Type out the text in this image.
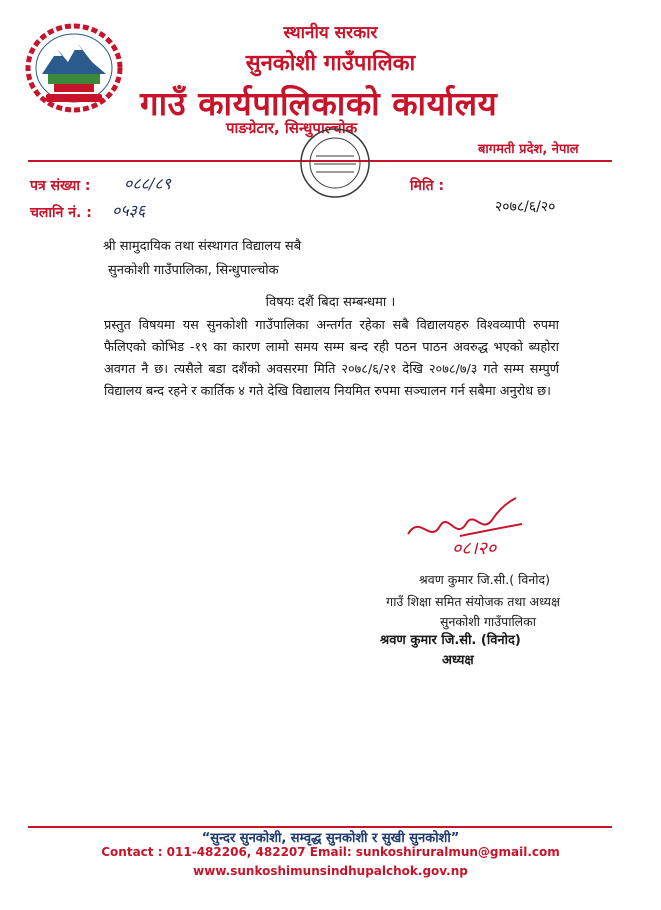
स्थानीय सरकार
सुनकोशी गाउँपालिका
गाउँ कार्यपालिकाको कार्यालय
पाङग्रेटार, सिन्धुपाल्चोक
बागमती प्रदेश, नेपाल
पत्र संख्या : ०८८/८९
चलानि नं. : ०५३६
मिति :
२०७८/६/२०
श्री सामुदायिक तथा संस्थागत विद्यालय सबै
सुनकोशी गाउँपालिका, सिन्धुपाल्चोक
विषयः दशैं बिदा सम्बन्धमा ।
प्रस्तुत विषयमा यस सुनकोशी गाउँपालिका अन्तर्गत रहेका सबै विद्यालयहरु विश्वव्यापी रुपमा फैलिएको कोभिड -१९ का कारण लामो समय सम्म बन्द रही पठन पाठन अवरुद्ध भएको ब्यहोरा अवगत नै छ। त्यसैले बडा दशैंको अवसरमा मिति २०७८/६/२१ देखि २०७८/७/३ गते सम्म सम्पुर्ण विद्यालय बन्द रहने र कार्तिक ४ गते देखि विद्यालय नियमित रुपमा सञ्चालन गर्न सबैमा अनुरोध छ।
०८।२०
श्रवण कुमार जि.सी.( विनोद)
गाउँ शिक्षा समित संयोजक तथा अध्यक्ष
सुनकोशी गाउँपालिका
श्रवण कुमार जि.सी. (विनोद)
अध्यक्ष
“सुन्दर सुनकोशी, सम्वृद्ध सुनकोशी र सुखी सुनकोशी”
Contact : 011-482206, 482207 Email: sunkoshiruralmun@gmail.com
www.sunkoshimunsindhupalchok.gov.np
